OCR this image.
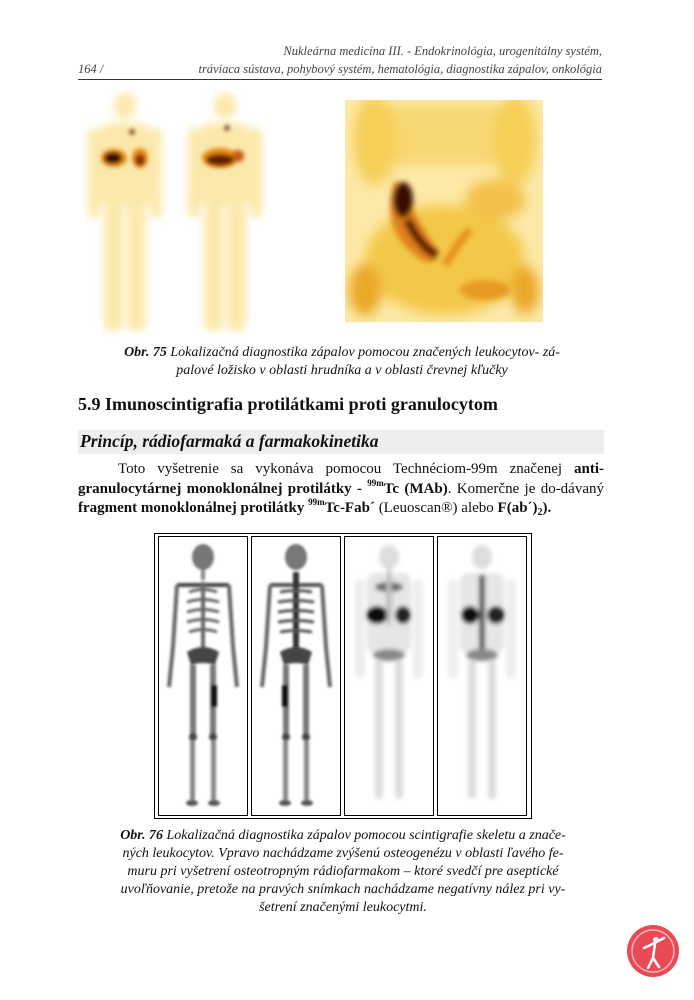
Nukleárna medicína III. - Endokrinológia, urogenitálny systém,
164 /	tráviaca sústava, pohybový systém, hematológia, diagnostika zápalov, onkológia
Obr. 75 Lokalizačná diagnostika zápalov pomocou značených leukocytov- zá-
palové ložisko v oblasti hrudníka a v oblasti črevnej kľučky
5.9 Imunoscintigrafia protilátkami proti granulocytom
Princíp, rádiofarmaká a farmakokinetika
Toto vyšetrenie sa vykonáva pomocou Technéciom-99m značenej anti-granulocytárnej monoklonálnej protilátky - $^{99m}$Tc (MAb). Komerčne je do-dávaný fragment monoklonálnej protilátky $^{99m}$Tc-Fab´ (Leuoscan®) alebo $F(ab´)_2$).
Obr. 76 Lokalizačná diagnostika zápalov pomocou scintigrafie skeletu a znače-
ných leukocytov. Vpravo nachádzame zvýšenú osteogenézu v oblasti ľavého fe-
muru pri vyšetrení osteotropným rádiofarmakom – ktoré svedčí pre aseptické
uvoľňovanie, pretože na pravých snímkach nachádzame negatívny nález pri vy-
šetrení značenými leukocytmi.
